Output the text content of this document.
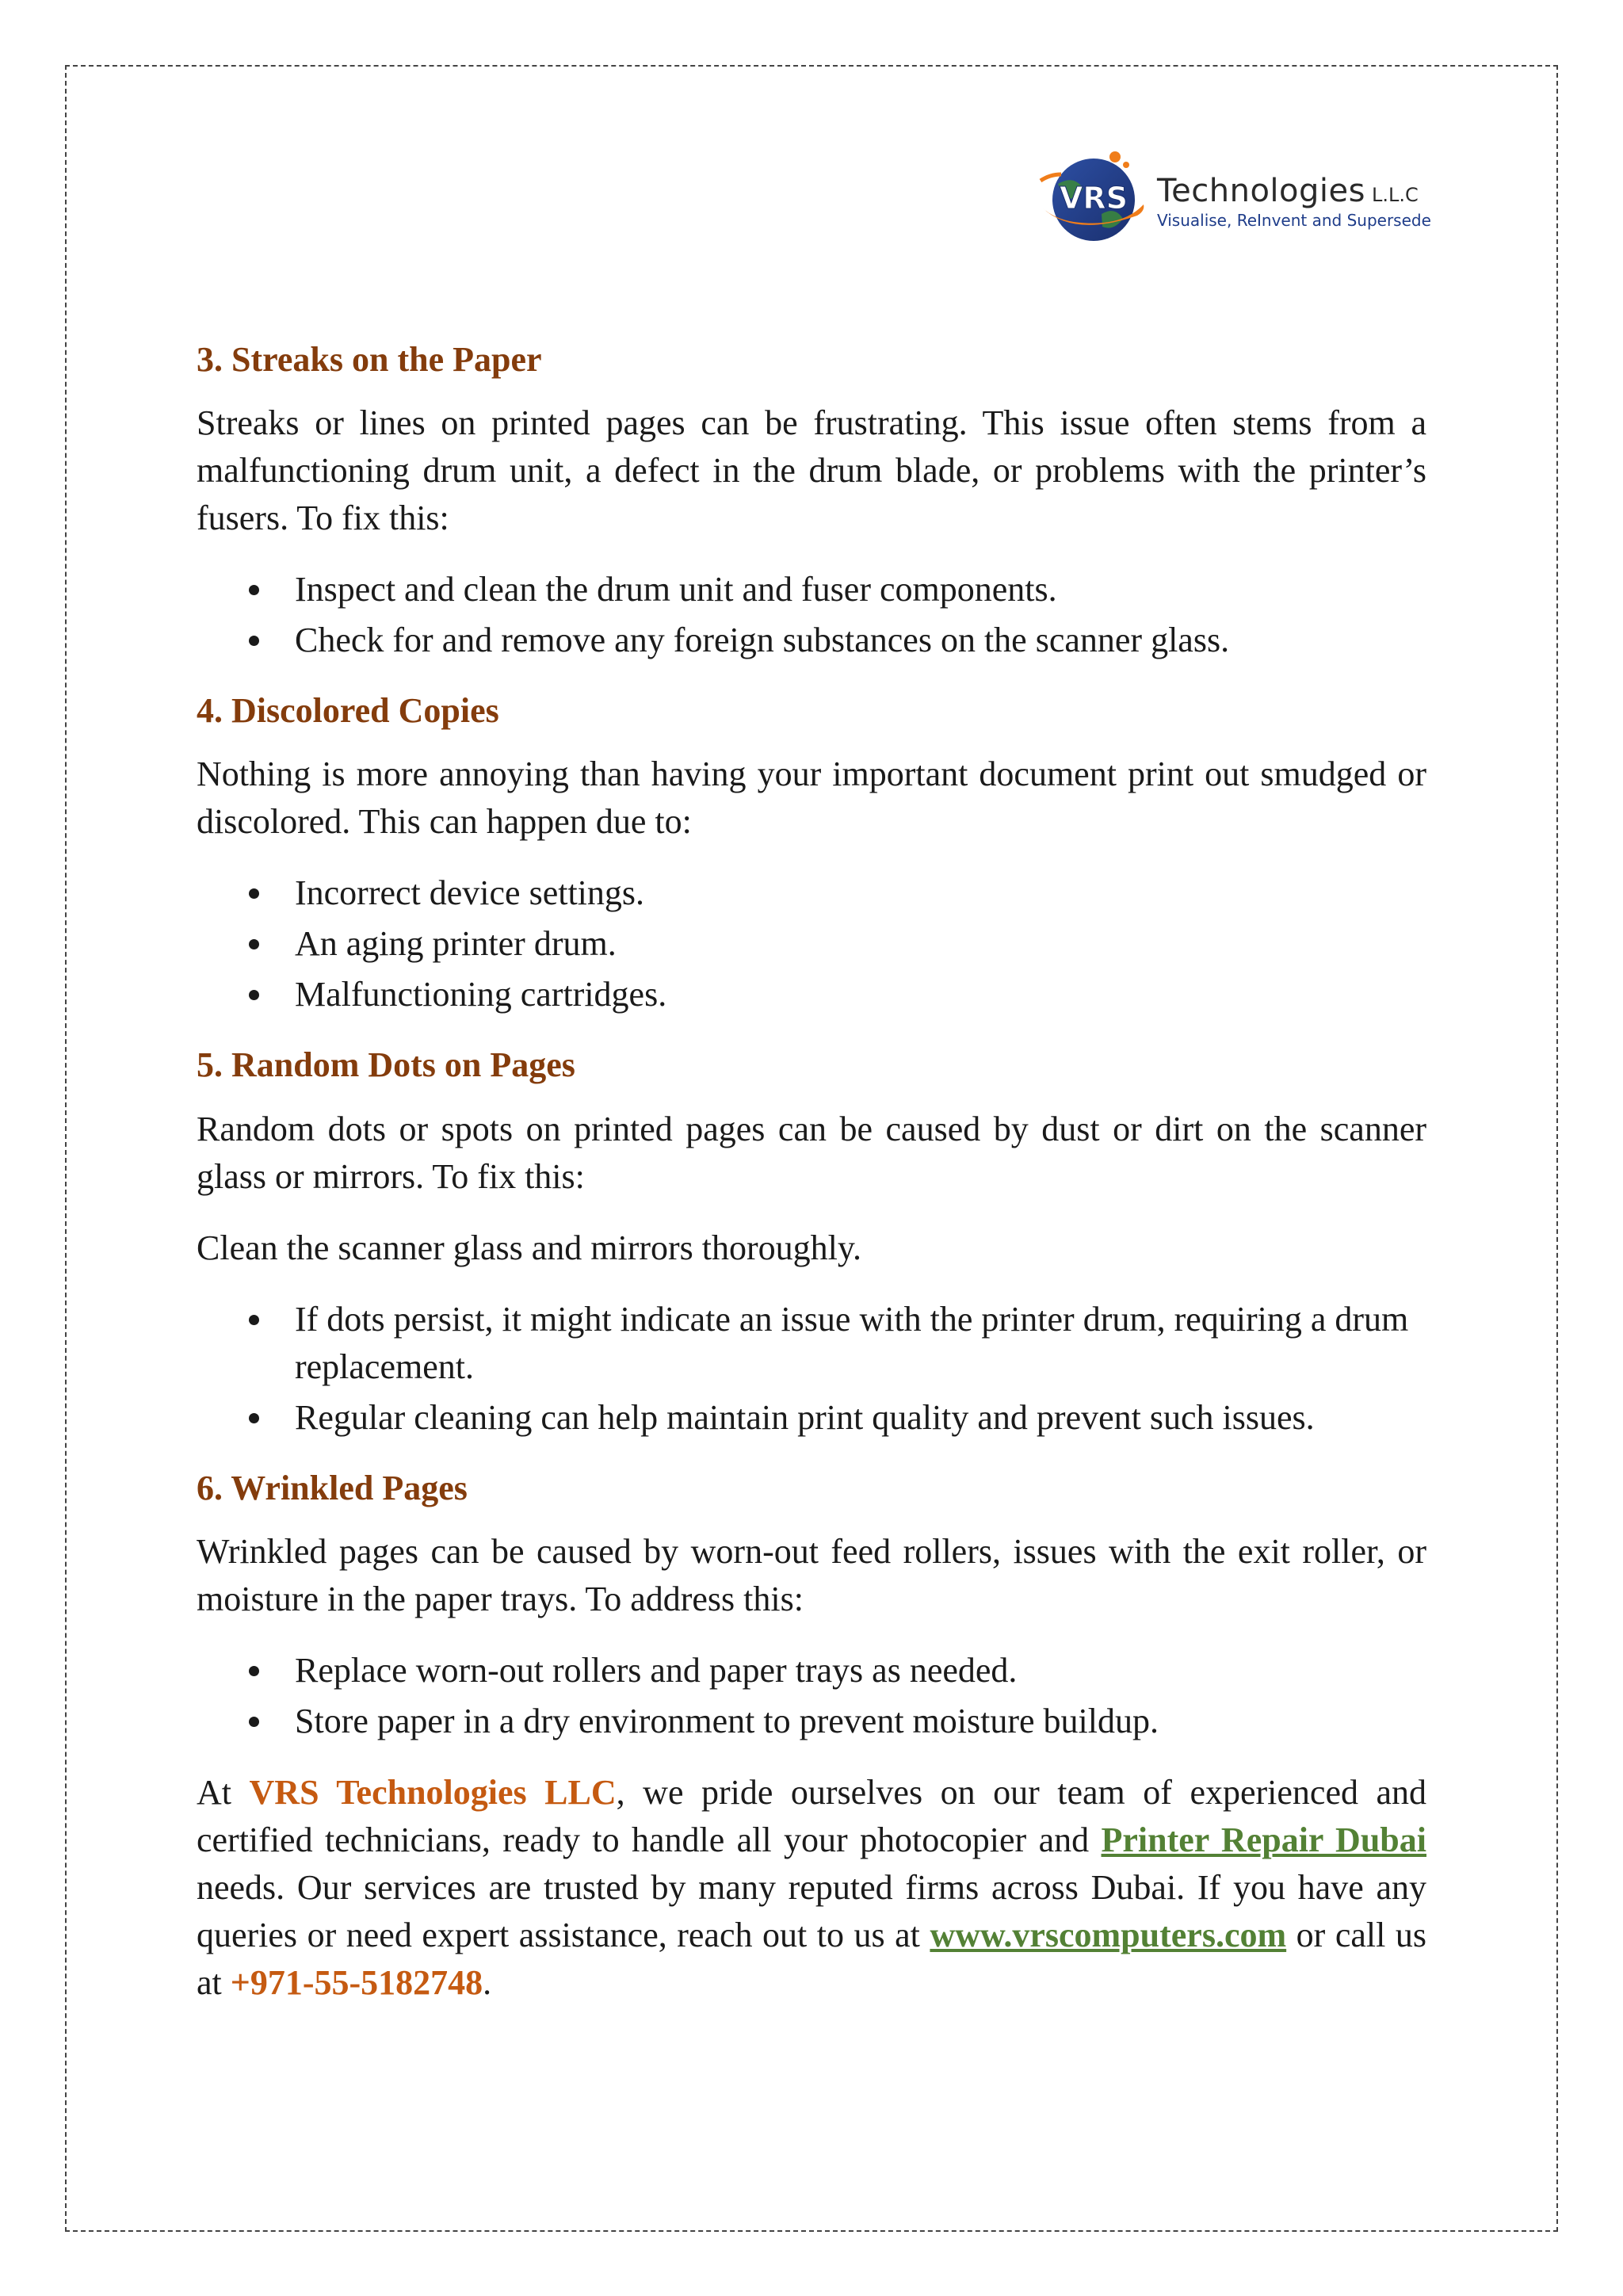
VRS Technologies L.L.C
Visualise, ReInvent and Supersede
3. Streaks on the Paper

Streaks or lines on printed pages can be frustrating. This issue often stems from a malfunctioning drum unit, a defect in the drum blade, or problems with the printer’s fusers. To fix this:

Inspect and clean the drum unit and fuser components.
Check for and remove any foreign substances on the scanner glass.
4. Discolored Copies

Nothing is more annoying than having your important document print out smudged or discolored. This can happen due to:

Incorrect device settings.
An aging printer drum.
Malfunctioning cartridges.
5. Random Dots on Pages

Random dots or spots on printed pages can be caused by dust or dirt on the scanner glass or mirrors. To fix this:

Clean the scanner glass and mirrors thoroughly.

If dots persist, it might indicate an issue with the printer drum, requiring a drum replacement.
Regular cleaning can help maintain print quality and prevent such issues.
6. Wrinkled Pages

Wrinkled pages can be caused by worn-out feed rollers, issues with the exit roller, or moisture in the paper trays. To address this:

Replace worn-out rollers and paper trays as needed.
Store paper in a dry environment to prevent moisture buildup.

At VRS Technologies LLC, we pride ourselves on our team of experienced and certified technicians, ready to handle all your photocopier and Printer Repair Dubai needs. Our services are trusted by many reputed firms across Dubai. If you have any queries or need expert assistance, reach out to us at www.vrscomputers.com or call us at +971-55-5182748.
